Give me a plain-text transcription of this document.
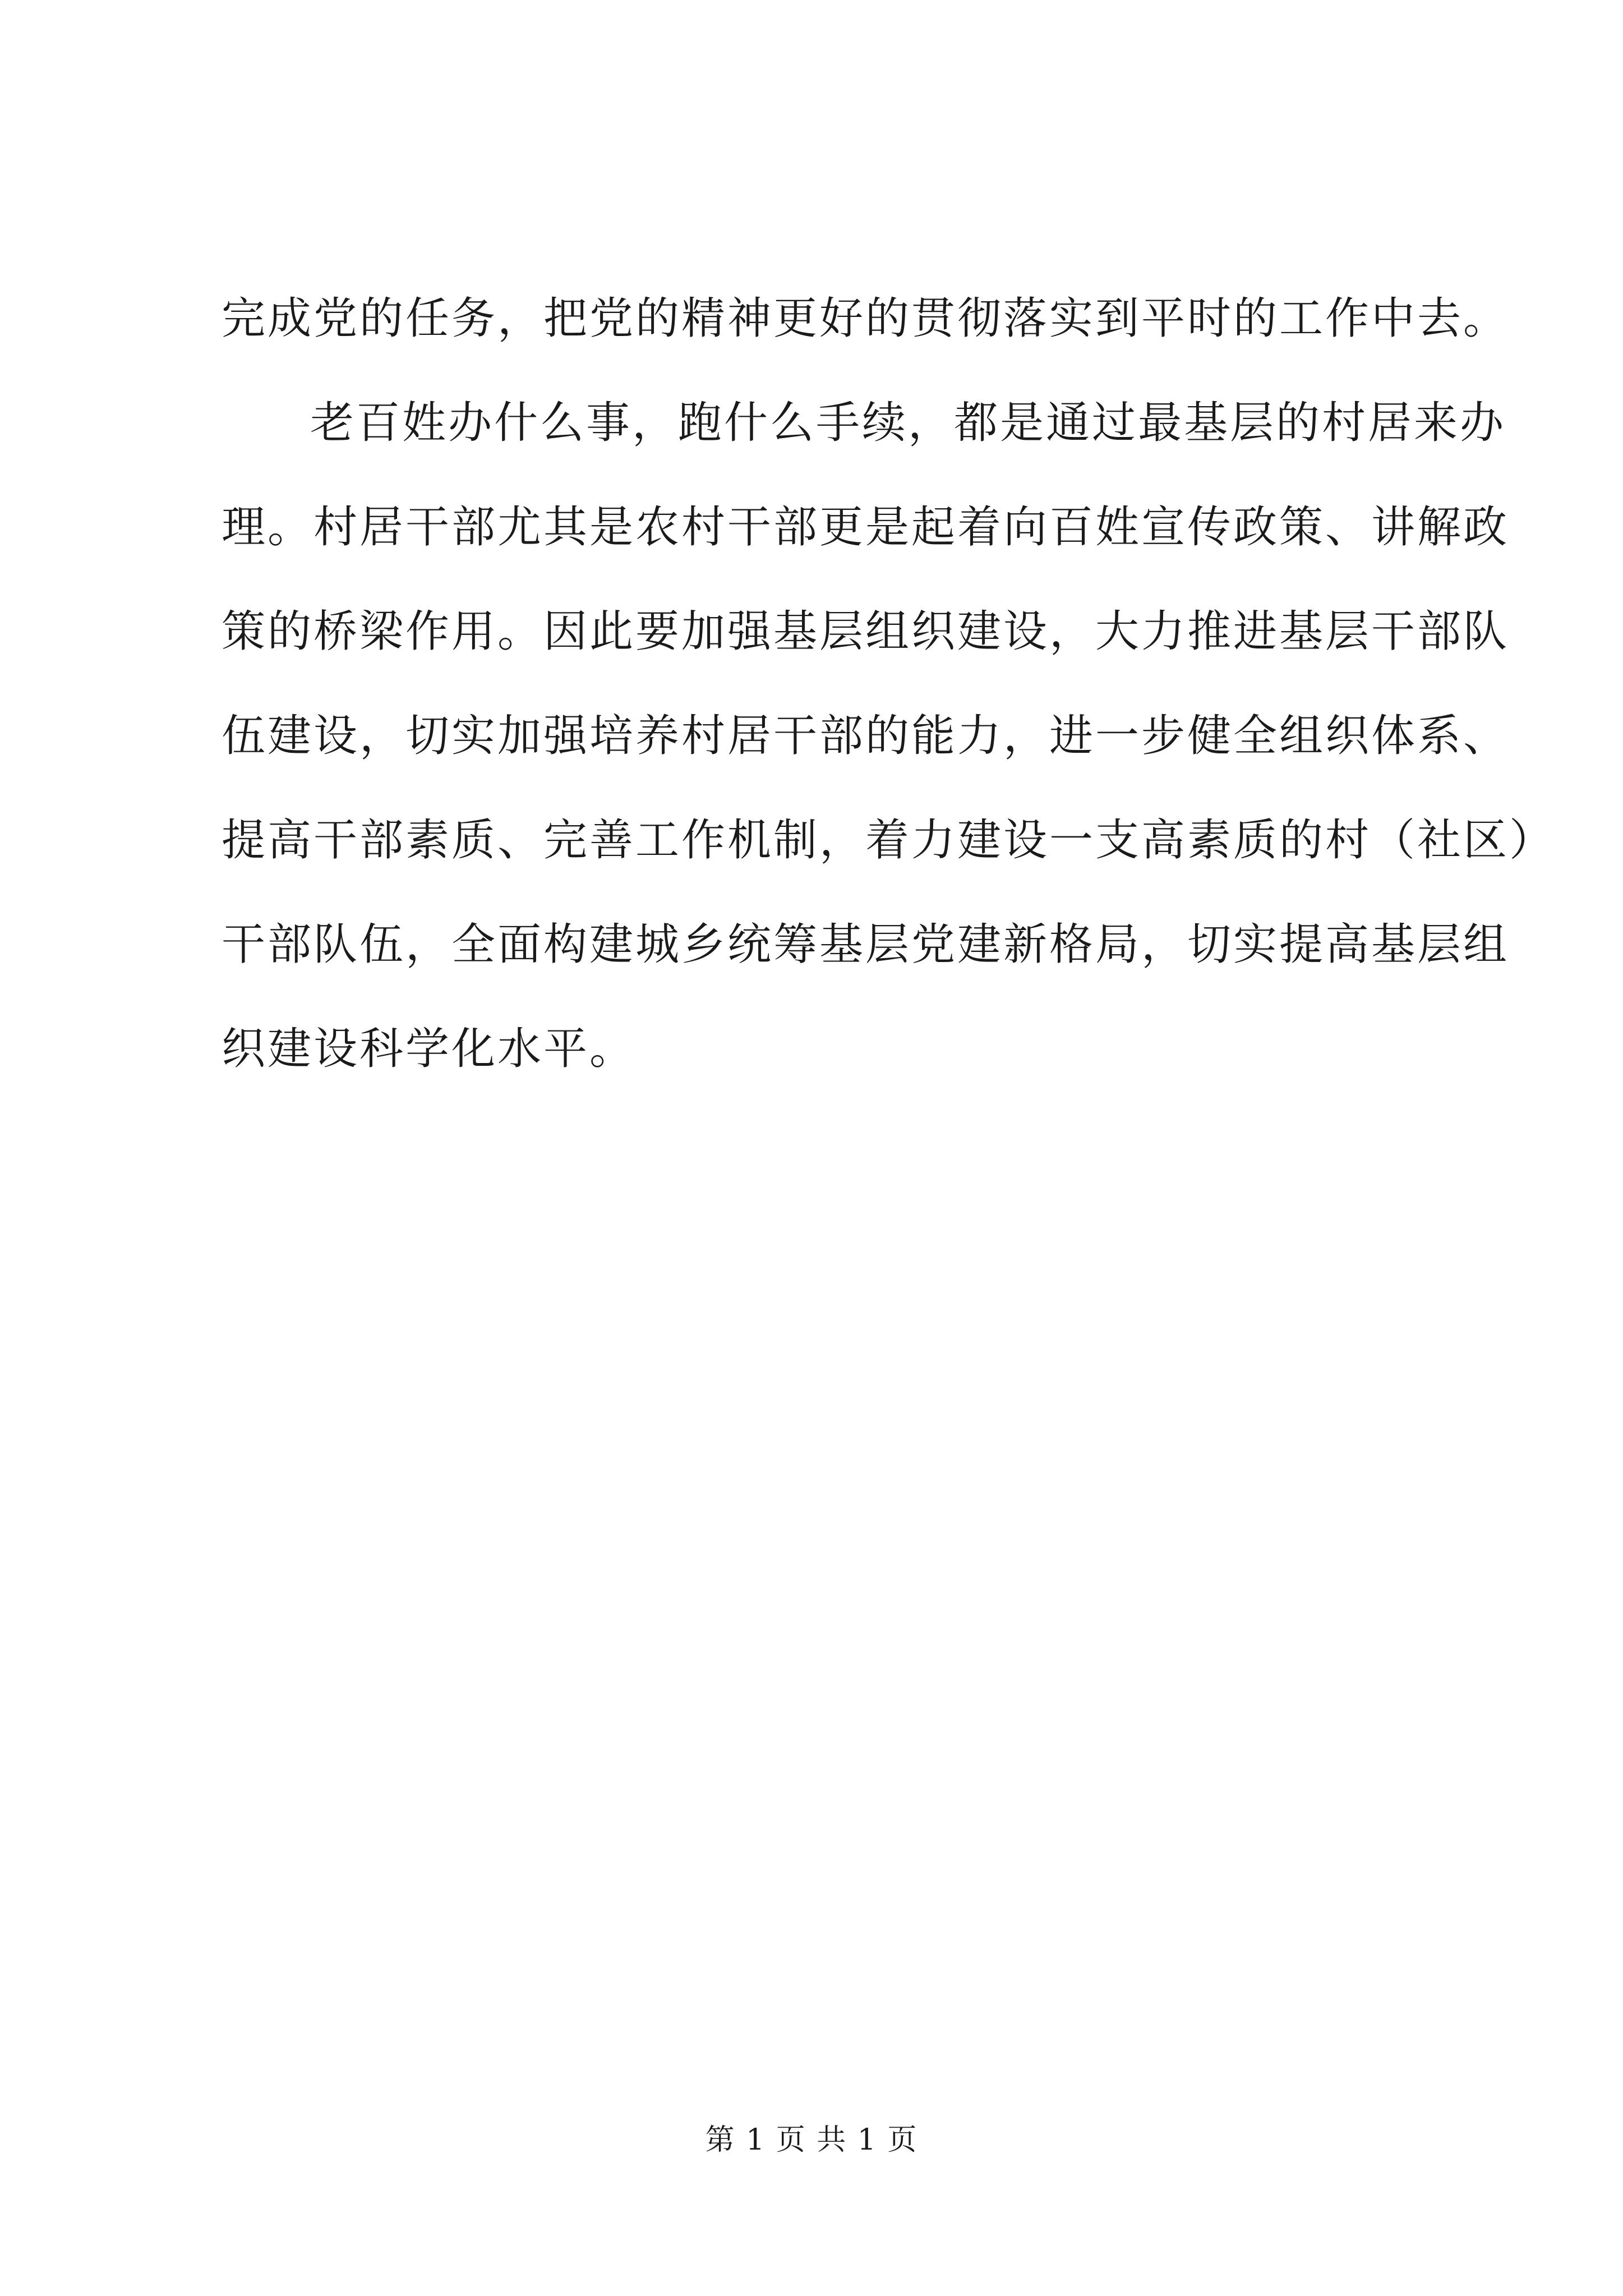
完成党的任务，把党的精神更好的贯彻落实到平时的工作中去。
老百姓办什么事，跑什么手续，都是通过最基层的村居来办
理。村居干部尤其是农村干部更是起着向百姓宣传政策、讲解政
策的桥梁作用。因此要加强基层组织建设，大力推进基层干部队
伍建设，切实加强培养村居干部的能力，进一步健全组织体系、
提高干部素质、完善工作机制，着力建设一支高素质的村（社区）
干部队伍，全面构建城乡统筹基层党建新格局，切实提高基层组
织建设科学化水平。
第 1 页 共 1 页
